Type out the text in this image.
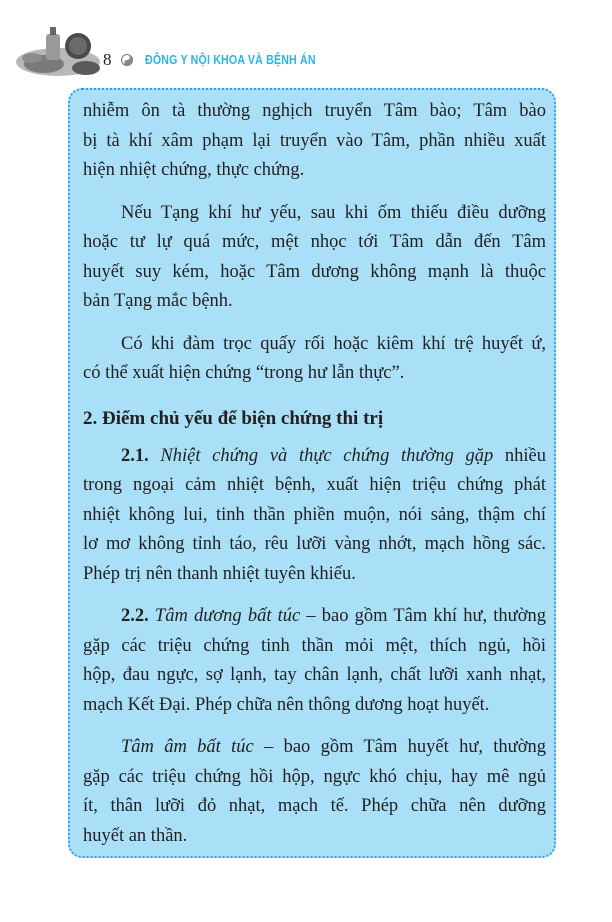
8	ĐÔNG Y NỘI KHOA VÀ BỆNH ÁN
nhiễm ôn tà thường nghịch truyển Tâm bào; Tâm bào
bị tà khí xâm phạm lại truyển vào Tâm, phần nhiều xuất
hiện nhiệt chứng, thực chứng.
Nếu Tạng khí hư yếu, sau khi ốm thiếu điều dưỡng
hoặc tư lự quá mức, mệt nhọc tới Tâm dẫn đến Tâm
huyết suy kém, hoặc Tâm dương không mạnh là thuộc
bản Tạng mắc bệnh.
Có khi đàm trọc quấy rối hoặc kiêm khí trệ huyết ứ,
có thể xuất hiện chứng “trong hư lẫn thực”.
2. Điểm chủ yếu để biện chứng thi trị
2.1. Nhiệt chứng và thực chứng thường gặp nhiều
trong ngoại cảm nhiệt bệnh, xuất hiện triệu chứng phát
nhiệt không lui, tinh thần phiền muộn, nói sảng, thậm chí
lơ mơ không tỉnh táo, rêu lưỡi vàng nhớt, mạch hồng sác.
Phép trị nên thanh nhiệt tuyên khiếu.
2.2. Tâm dương bất túc – bao gồm Tâm khí hư, thường
gặp các triệu chứng tinh thần mỏi mệt, thích ngủ, hồi
hộp, đau ngực, sợ lạnh, tay chân lạnh, chất lưỡi xanh nhạt,
mạch Kết Đại. Phép chữa nên thông dương hoạt huyết.
Tâm âm bất túc – bao gồm Tâm huyết hư, thường
gặp các triệu chứng hồi hộp, ngực khó chịu, hay mê ngủ
ít, thân lưỡi đỏ nhạt, mạch tế. Phép chữa nên dưỡng
huyết an thần.
